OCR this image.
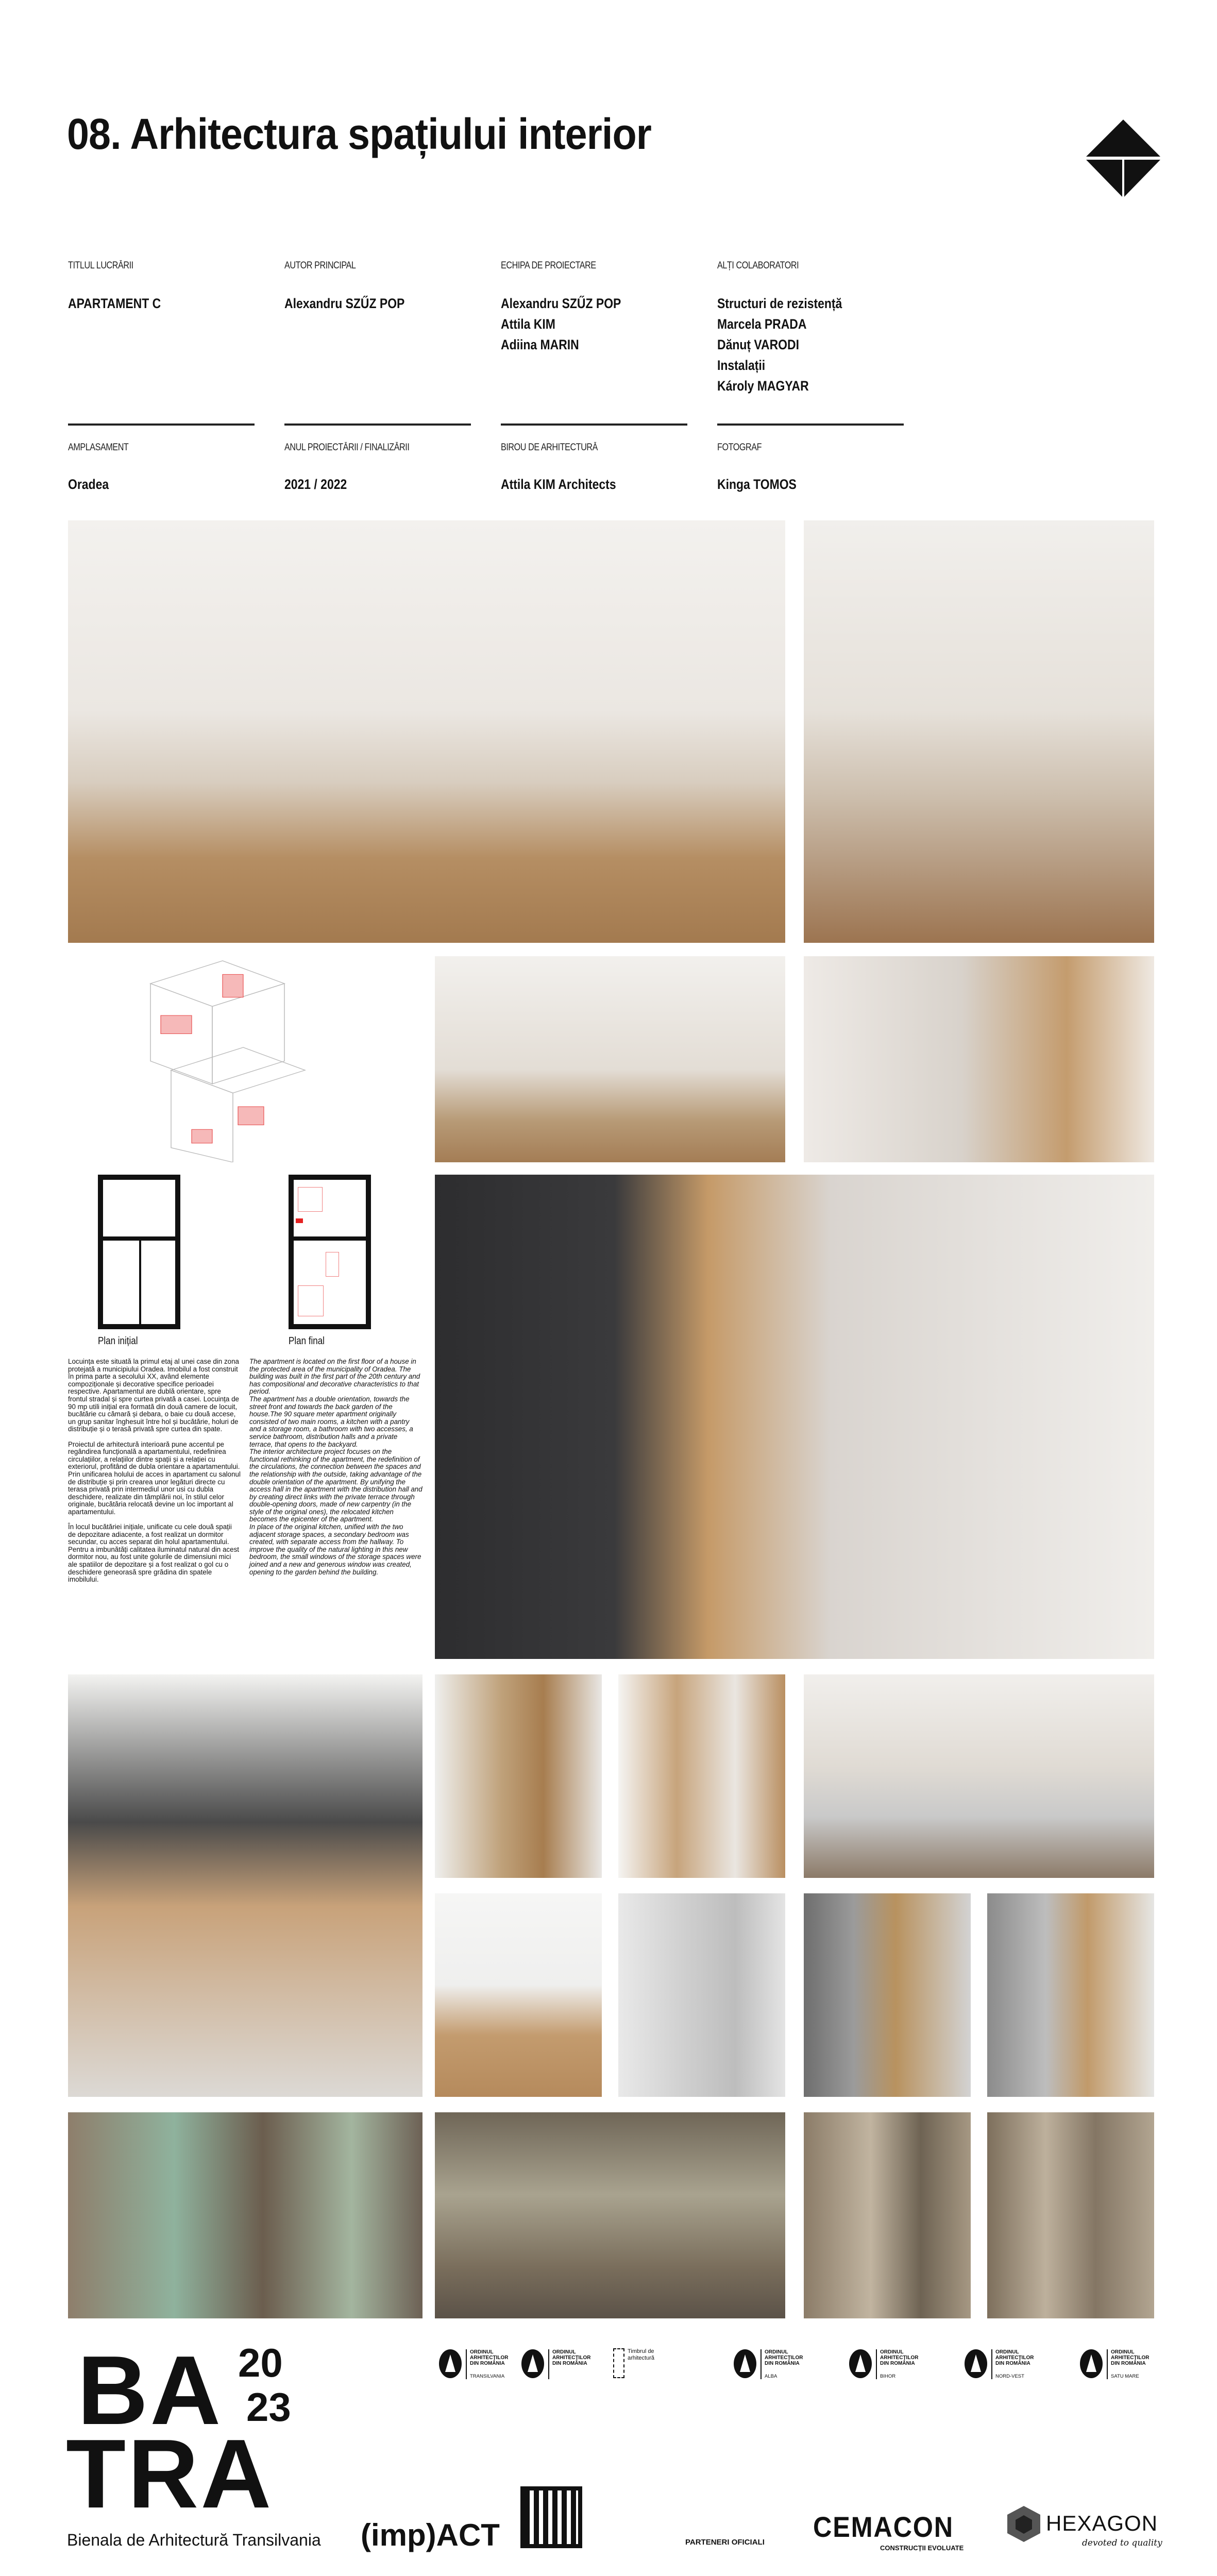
08. Arhitectura spațiului interior
TITLUL LUCRĂRII
APARTAMENT C
AUTOR PRINCIPAL
Alexandru SZŰZ POP
ECHIPA DE PROIECTARE
Alexandru SZŰZ POP
Attila KIM
Adiina MARIN
ALȚI COLABORATORI
Structuri de rezistență
Marcela PRADA
Dănuț VARODI
Instalații
Károly MAGYAR
AMPLASAMENT
Oradea
ANUL PROIECTĂRII / FINALIZĂRII
2021 / 2022
BIROU DE ARHITECTURĂ
Attila KIM Architects
FOTOGRAF
Kinga TOMOS
Plan inițial	Plan final

Locuința este situată la primul etaj al unei case din zona protejată a municipiului Oradea. Imobilul a fost construit în prima parte a secolului XX, având elemente compoziționale și decorative specifice perioadei respective. Apartamentul are dublă orientare, spre frontul stradal și spre curtea privată a casei. Locuința de 90 mp utili inițial era formată din două camere de locuit, bucătărie cu cămară și debara, o baie cu două accese, un grup sanitar înghesuit între hol și bucătărie, holuri de distribuție și o terasă privată spre curtea din spate.

Proiectul de arhitectură interioară pune accentul pe regândirea funcțională a apartamentului, redefinirea circulațiilor, a relațiilor dintre spații și a relației cu exteriorul, profitând de dubla orientare a apartamentului. Prin unificarea holului de acces in apartament cu salonul de distribuție și prin crearea unor legături directe cu terasa privată prin intermediul unor usi cu dubla deschidere, realizate din tâmplării noi, în stilul celor originale, bucătăria relocată devine un loc important al apartamentului.

În locul bucătăriei inițiale, unificate cu cele două spații de depozitare adiacente, a fost realizat un dormitor secundar, cu acces separat din holul apartamentului. Pentru a imbunătăți calitatea iluminatul natural din acest dormitor nou, au fost unite golurile de dimensiuni mici ale spatiilor de depozitare și a fost realizat o gol cu o deschidere geneorasă spre grădina din spatele imobilului.

The apartment is located on the first floor of a house in the protected area of the municipality of Oradea. The building was built in the first part of the 20th century and has compositional and decorative characteristics to that period.

The apartment has a double orientation, towards the street front and towards the back garden of the house.The 90 square meter apartment originally consisted of two main rooms, a kitchen with a pantry and a storage room, a bathroom with two accesses, a service bathroom, distribution halls and a private terrace, that opens to the backyard.

The interior architecture project focuses on the functional rethinking of the apartment, the redefinition of the circulations, the connection between the spaces and the relationship with the outside, taking advantage of the double orientation of the apartment. By unifying the access hall in the apartment with the distribution hall and by creating direct links with the private terrace through double-opening doors, made of new carpentry (in the style of the original ones), the relocated kitchen becomes the epicenter of the apartment.

In place of the original kitchen, unified with the two adjacent storage spaces, a secondary bedroom was created, with separate access from the hallway. To improve the quality of the natural lighting in this new bedroom, the small windows of the storage spaces were joined and a new and generous window was created, opening to the garden behind the building.

BA 20
23
TRA
Bienala de Arhitectură Transilvania (imp)ACT
ORDINUL
ARHITECȚILOR
DIN ROMÂNIA
TRANSILVANIA
ORDINUL
ARHITECȚILOR
DIN ROMÂNIA
Timbrul de arhitectură
ORDINUL
ARHITECȚILOR
DIN ROMÂNIA
ALBA
ORDINUL
ARHITECȚILOR
DIN ROMÂNIA
BIHOR
ORDINUL
ARHITECȚILOR
DIN ROMÂNIA
NORD-VEST
ORDINUL
ARHITECȚILOR
DIN ROMÂNIA
SATU MARE
PARTENERI OFICIALI CEMACON
CONSTRUCȚII EVOLUATE
HEXAGON
devoted to quality
